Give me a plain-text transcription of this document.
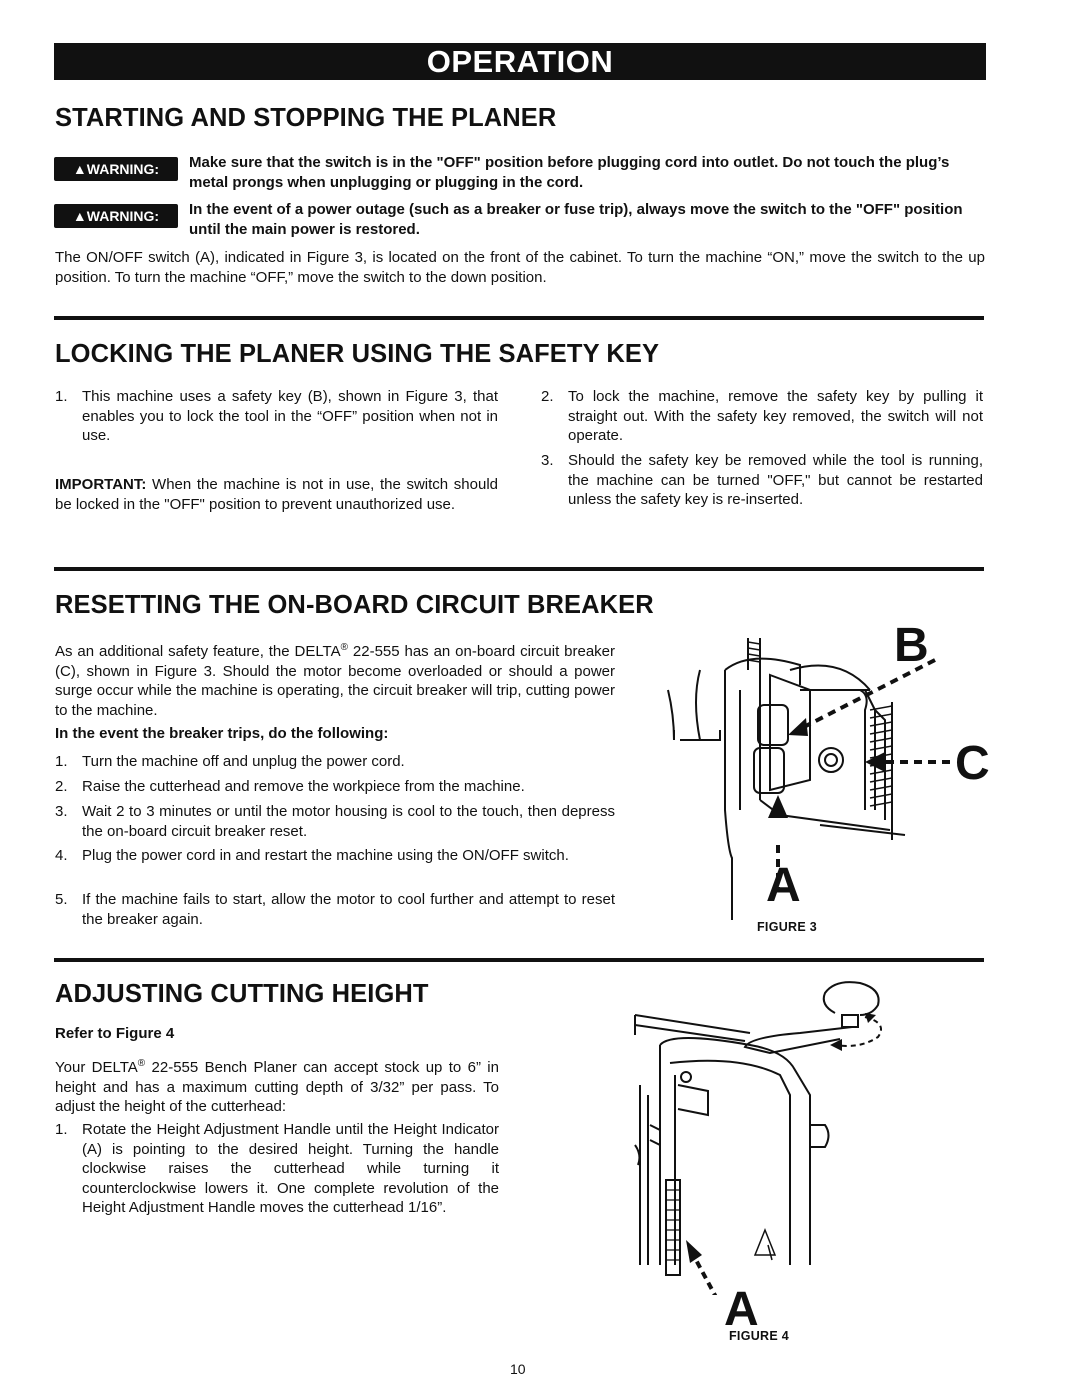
OPERATION
STARTING AND STOPPING THE PLANER
▲WARNING:	Make sure that the switch is in the "OFF" position before plugging cord into outlet. Do not touch the plug’s metal prongs when unplugging or plugging in the cord.
▲WARNING:	In the event of a power outage (such as a breaker or fuse trip), always move the switch to the "OFF" position until the main power is restored.
The ON/OFF switch (A), indicated in Figure 3, is located on the front of the cabinet. To turn the machine “ON,” move the switch to the up position. To turn the machine “OFF,” move the switch to the down position.
LOCKING THE PLANER USING THE SAFETY KEY
1. This machine uses a safety key (B), shown in Figure 3, that enables you to lock the tool in the “OFF” position when not in use.
IMPORTANT: When the machine is not in use, the switch should be locked in the "OFF" position to prevent unauthorized use.
2. To lock the machine, remove the safety key by pulling it straight out. With the safety key removed, the switch will not operate.
3. Should the safety key be removed while the tool is running, the machine can be turned "OFF," but cannot be restarted unless the safety key is re-inserted.
RESETTING THE ON-BOARD CIRCUIT BREAKER
As an additional safety feature, the DELTA® 22-555 has an on-board circuit breaker (C), shown in Figure 3. Should the motor become overloaded or should a power surge occur while the machine is operating, the circuit breaker will trip, cutting power to the machine.
In the event the breaker trips, do the following:
1. Turn the machine off and unplug the power cord.
2. Raise the cutterhead and remove the workpiece from the machine.
3. Wait 2 to 3 minutes or until the motor housing is cool to the touch, then depress the on-board circuit breaker reset.
4. Plug the power cord in and restart the machine using the ON/OFF switch.
5. If the machine fails to start, allow the motor to cool further and attempt to reset the breaker again.
B
C
A
FIGURE 3
ADJUSTING CUTTING HEIGHT
Refer to Figure 4
Your DELTA® 22-555 Bench Planer can accept stock up to 6” in height and has a maximum cutting depth of 3/32” per pass. To adjust the height of the cutterhead:
1. Rotate the Height Adjustment Handle until the Height Indicator (A) is pointing to the desired height. Turning the handle clockwise raises the cutterhead while turning it counterclockwise lowers it. One complete revolution of the Height Adjustment Handle moves the cutterhead 1/16”.
A
FIGURE 4
10
